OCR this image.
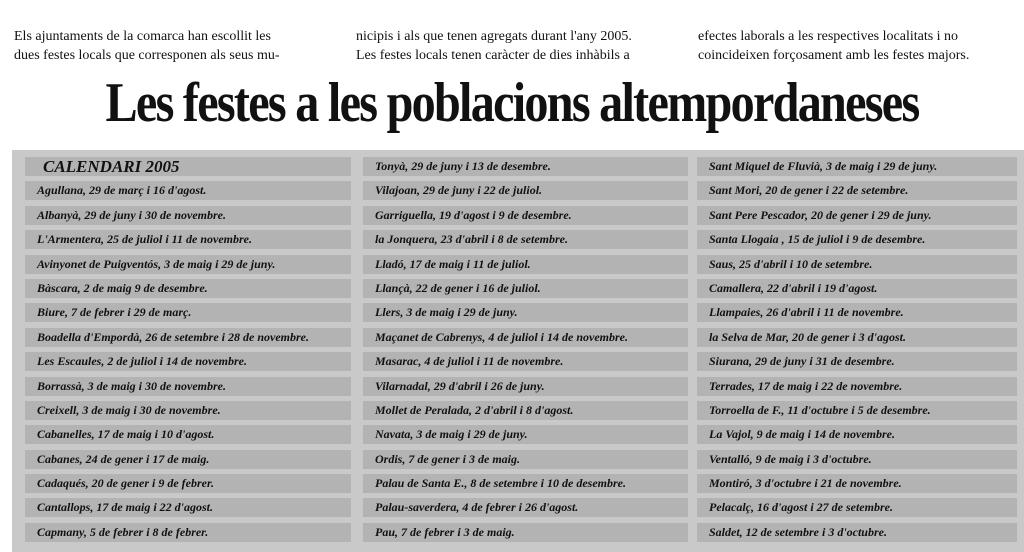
Els ajuntaments de la comarca han escollit les
dues festes locals que corresponen als seus mu-
nicipis i als que tenen agregats durant l'any 2005.
Les festes locals tenen caràcter de dies inhàbils a
efectes laborals a les respectives localitats i no
coincideixen forçosament amb les festes majors.
Les festes a les poblacions altempordaneses
CALENDARI 2005
Agullana, 29 de març i 16 d'agost.
Albanyà, 29 de juny i 30 de novembre.
L'Armentera, 25 de juliol i 11 de novembre.
Avinyonet de Puigventós, 3 de maig i 29 de juny.
Bàscara, 2 de maig 9 de desembre.
Biure, 7 de febrer i 29 de març.
Boadella d'Empordà, 26 de setembre i 28 de novembre.
Les Escaules, 2 de juliol i 14 de novembre.
Borrassà, 3 de maig i 30 de novembre.
Creixell, 3 de maig i 30 de novembre.
Cabanelles, 17 de maig i 10 d'agost.
Cabanes, 24 de gener i 17 de maig.
Cadaqués, 20 de gener i 9 de febrer.
Cantallops, 17 de maig i 22 d'agost.
Capmany, 5 de febrer i 8 de febrer.
Tonyà, 29 de juny i 13 de desembre.
Vilajoan, 29 de juny i 22 de juliol.
Garriguella, 19 d'agost i 9 de desembre.
la Jonquera, 23 d'abril i 8 de setembre.
Lladó, 17 de maig i 11 de juliol.
Llançà, 22 de gener i 16 de juliol.
Llers, 3 de maig i 29 de juny.
Maçanet de Cabrenys, 4 de juliol i 14 de novembre.
Masarac, 4 de juliol i 11 de novembre.
Vilarnadal, 29 d'abril i 26 de juny.
Mollet de Peralada, 2 d'abril i 8 d'agost.
Navata, 3 de maig i 29 de juny.
Ordis, 7 de gener i 3 de maig.
Palau de Santa E., 8 de setembre i 10 de desembre.
Palau-saverdera, 4 de febrer i 26 d'agost.
Pau, 7 de febrer i 3 de maig.
Sant Miquel de Fluvià, 3 de maig i 29 de juny.
Sant Mori, 20 de gener i 22 de setembre.
Sant Pere Pescador, 20 de gener i 29 de juny.
Santa Llogaia , 15 de juliol i 9 de desembre.
Saus, 25 d'abril i 10 de setembre.
Camallera, 22 d'abril i 19 d'agost.
Llampaies, 26 d'abril i 11 de novembre.
la Selva de Mar, 20 de gener i 3 d'agost.
Siurana, 29 de juny i 31 de desembre.
Terrades, 17 de maig i 22 de novembre.
Torroella de F., 11 d'octubre i 5 de desembre.
La Vajol, 9 de maig i 14 de novembre.
Ventalló, 9 de maig i 3 d'octubre.
Montiró, 3 d'octubre i 21 de novembre.
Pelacalç, 16 d'agost i 27 de setembre.
Saldet, 12 de setembre i 3 d'octubre.
